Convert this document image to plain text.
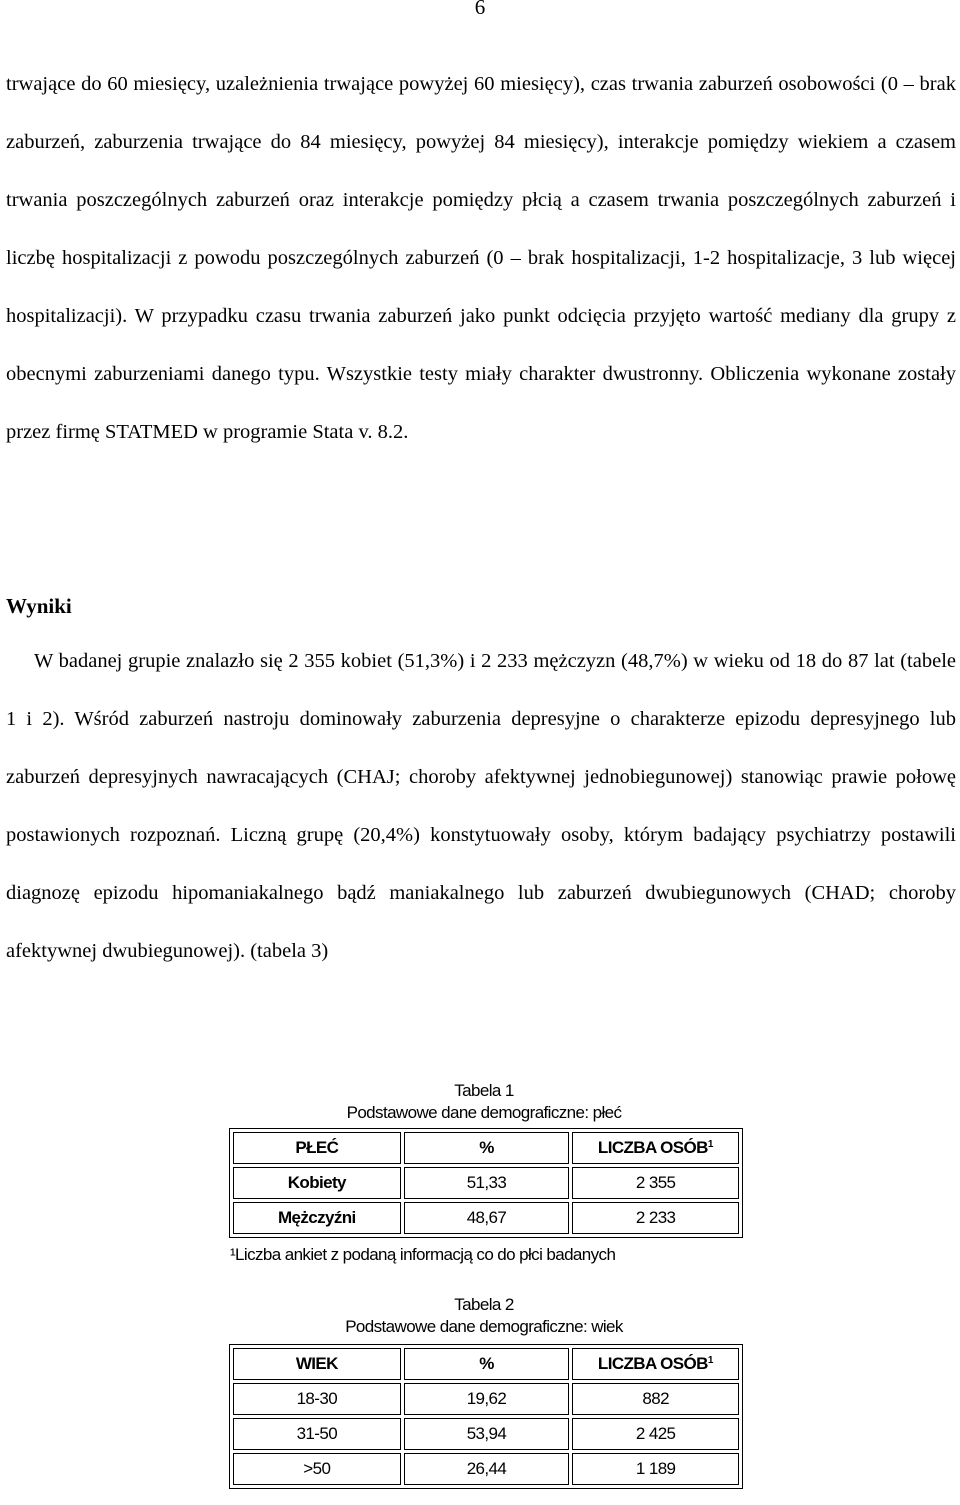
6

trwające do 60 miesięcy, uzależnienia trwające powyżej 60 miesięcy), czas trwania zaburzeń osobowości (0 – brak zaburzeń, zaburzenia trwające do 84 miesięcy, powyżej 84 miesięcy), interakcje pomiędzy wiekiem a czasem trwania poszczególnych zaburzeń oraz interakcje pomiędzy płcią a czasem trwania poszczególnych zaburzeń i liczbę hospitalizacji z powodu poszczególnych zaburzeń (0 – brak hospitalizacji, 1-2 hospitalizacje, 3 lub więcej hospitalizacji). W przypadku czasu trwania zaburzeń jako punkt odcięcia przyjęto wartość mediany dla grupy z obecnymi zaburzeniami danego typu. Wszystkie testy miały charakter dwustronny. Obliczenia wykonane zostały przez firmę STATMED w programie Stata v. 8.2.

Wyniki

W badanej grupie znalazło się 2 355 kobiet (51,3%) i 2 233 mężczyzn (48,7%) w wieku od 18 do 87 lat (tabele 1 i 2). Wśród zaburzeń nastroju dominowały zaburzenia depresyjne o charakterze epizodu depresyjnego lub zaburzeń depresyjnych nawracających (CHAJ; choroby afektywnej jednobiegunowej) stanowiąc prawie połowę postawionych rozpoznań. Liczną grupę (20,4%) konstytuowały osoby, którym badający psychiatrzy postawili diagnozę epizodu hipomaniakalnego bądź maniakalnego lub zaburzeń dwubiegunowych (CHAD; choroby afektywnej dwubiegunowej). (tabela 3)

Tabela 1
Podstawowe dane demograficzne: płeć
PŁEĆ	%	LICZBA OSÓB$^1$
Kobiety	51,33	2 355
Mężczyźni	48,67	2 233
¹Liczba ankiet z podaną informacją co do płci badanych
Tabela 2
Podstawowe dane demograficzne: wiek
WIEK	%	LICZBA OSÓB$^1$
18-30	19,62	882
31-50	53,94	2 425
>50	26,44	1 189
